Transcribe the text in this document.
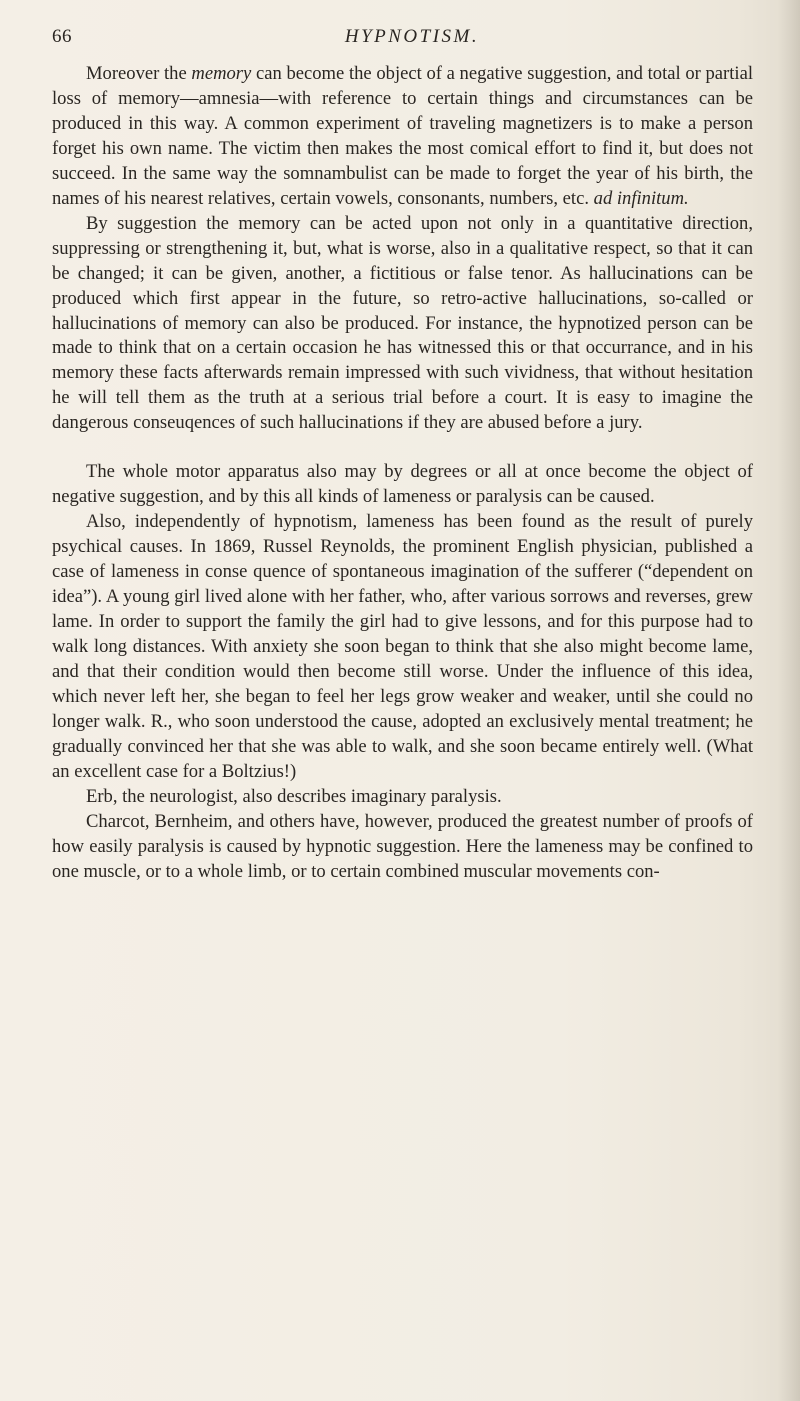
66	HYPNOTISM.

Moreover the memory can become the object of a negative suggestion, and total or partial loss of memory—amnesia—with reference to certain things and circumstances can be produced in this way. A common experiment of traveling magnetizers is to make a person forget his own name. The victim then makes the most comical effort to find it, but does not succeed. In the same way the somnambulist can be made to forget the year of his birth, the names of his nearest relatives, certain vowels, consonants, numbers, etc. ad infinitum.

By suggestion the memory can be acted upon not only in a quantitative direction, suppressing or strengthening it, but, what is worse, also in a qualitative respect, so that it can be changed; it can be given, another, a fictitious or false tenor. As hallucinations can be produced which first appear in the future, so retro-active hallucinations, so-called or hallucinations of memory can also be produced. For instance, the hypnotized person can be made to think that on a certain occasion he has witnessed this or that occurrance, and in his memory these facts afterwards remain impressed with such vividness, that without hesitation he will tell them as the truth at a serious trial before a court. It is easy to imagine the dangerous conseuqences of such hallucinations if they are abused before a jury.

The whole motor apparatus also may by degrees or all at once become the object of negative suggestion, and by this all kinds of lameness or paralysis can be caused.

Also, independently of hypnotism, lameness has been found as the result of purely psychical causes. In 1869, Russel Reynolds, the prominent English physician, published a case of lameness in conse quence of spontaneous imagination of the sufferer (“dependent on idea”). A young girl lived alone with her father, who, after various sorrows and reverses, grew lame. In order to support the family the girl had to give lessons, and for this purpose had to walk long distances. With anxiety she soon began to think that she also might become lame, and that their condition would then become still worse. Under the influence of this idea, which never left her, she began to feel her legs grow weaker and weaker, until she could no longer walk. R., who soon understood the cause, adopted an exclusively mental treatment; he gradually convinced her that she was able to walk, and she soon became entirely well. (What an excellent case for a Boltzius!)

Erb, the neurologist, also describes imaginary paralysis.

Charcot, Bernheim, and others have, however, produced the greatest number of proofs of how easily paralysis is caused by hypnotic suggestion. Here the lameness may be confined to one muscle, or to a whole limb, or to certain combined muscular movements con-
